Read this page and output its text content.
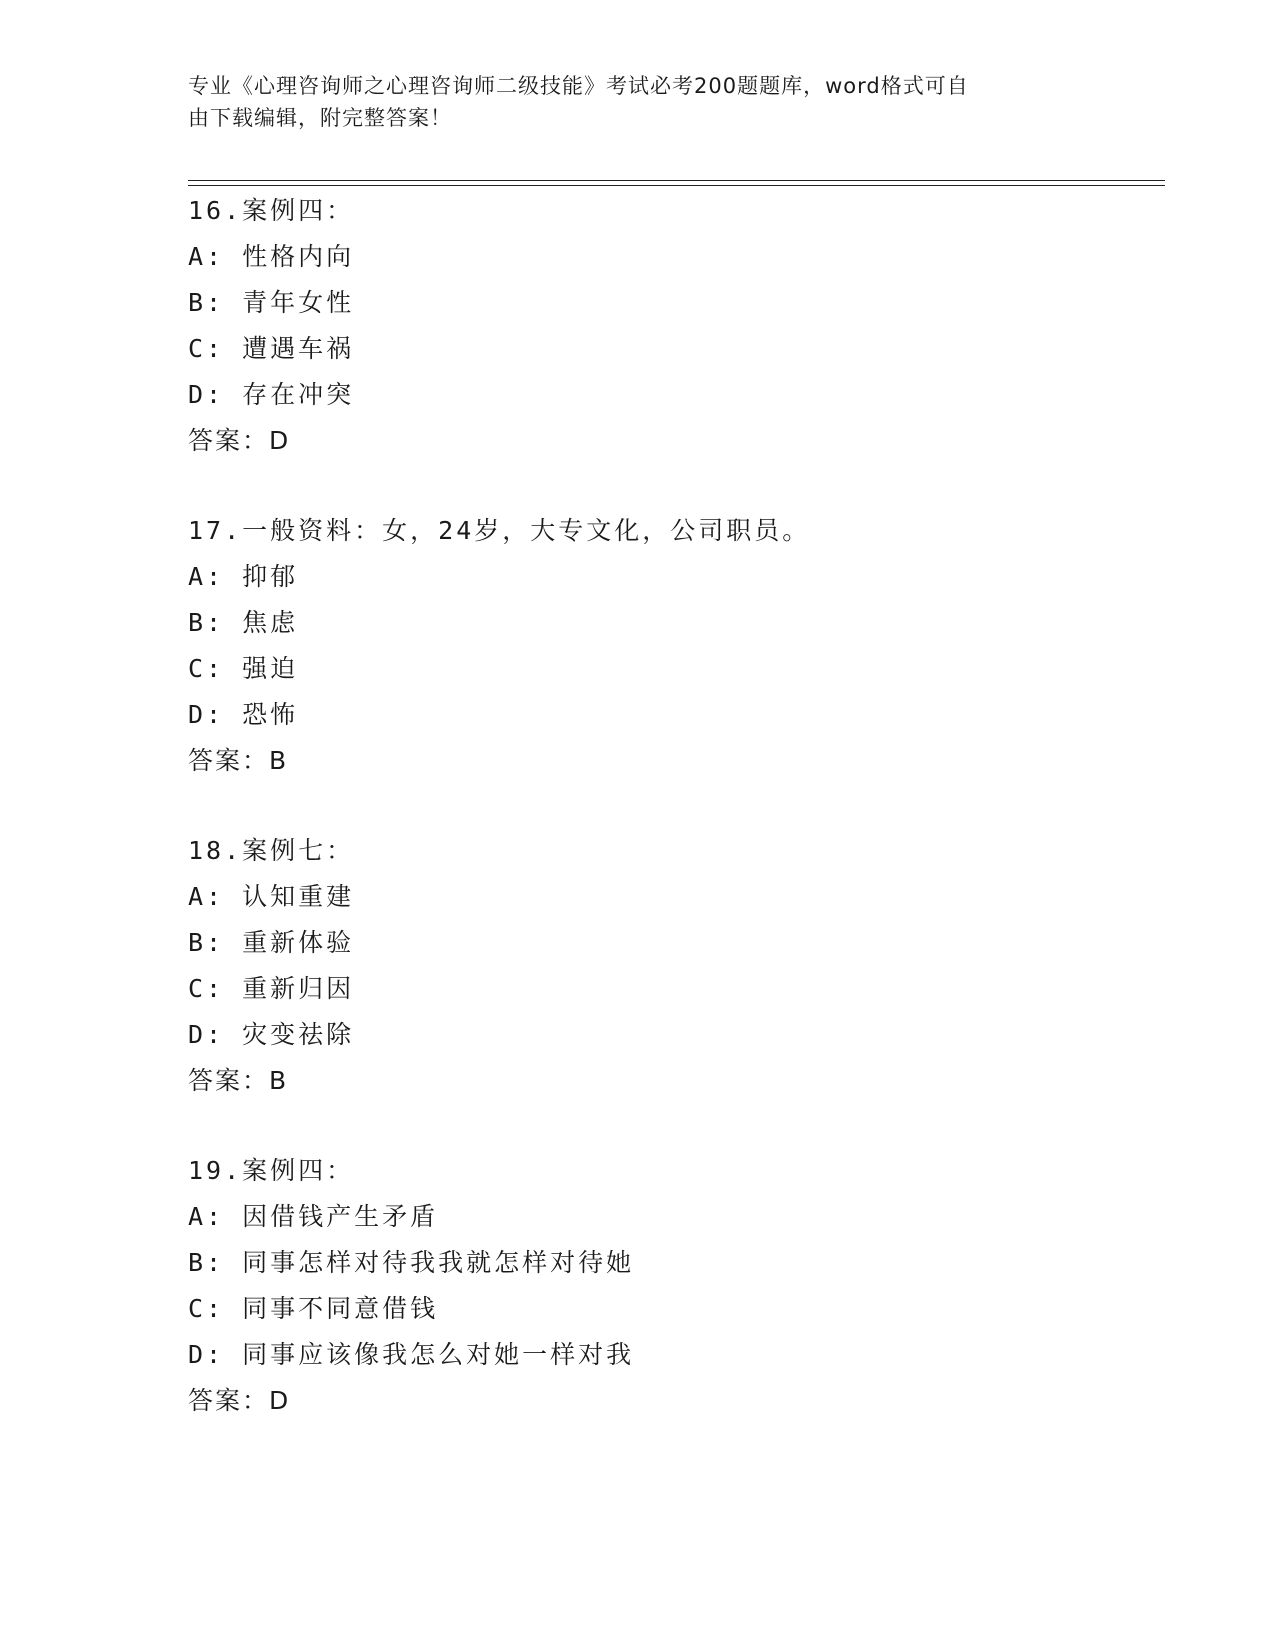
专业《心理咨询师之心理咨询师二级技能》考试必考200题题库，word格式可自
由下载编辑，附完整答案！
16.案例四：
A: 性格内向
B: 青年女性
C: 遭遇车祸
D: 存在冲突
答案：D
17.一般资料：女，24岁，大专文化，公司职员。
A: 抑郁
B: 焦虑
C: 强迫
D: 恐怖
答案：B
18.案例七：
A: 认知重建
B: 重新体验
C: 重新归因
D: 灾变祛除
答案：B
19.案例四：
A: 因借钱产生矛盾
B: 同事怎样对待我我就怎样对待她
C: 同事不同意借钱
D: 同事应该像我怎么对她一样对我
答案：D
